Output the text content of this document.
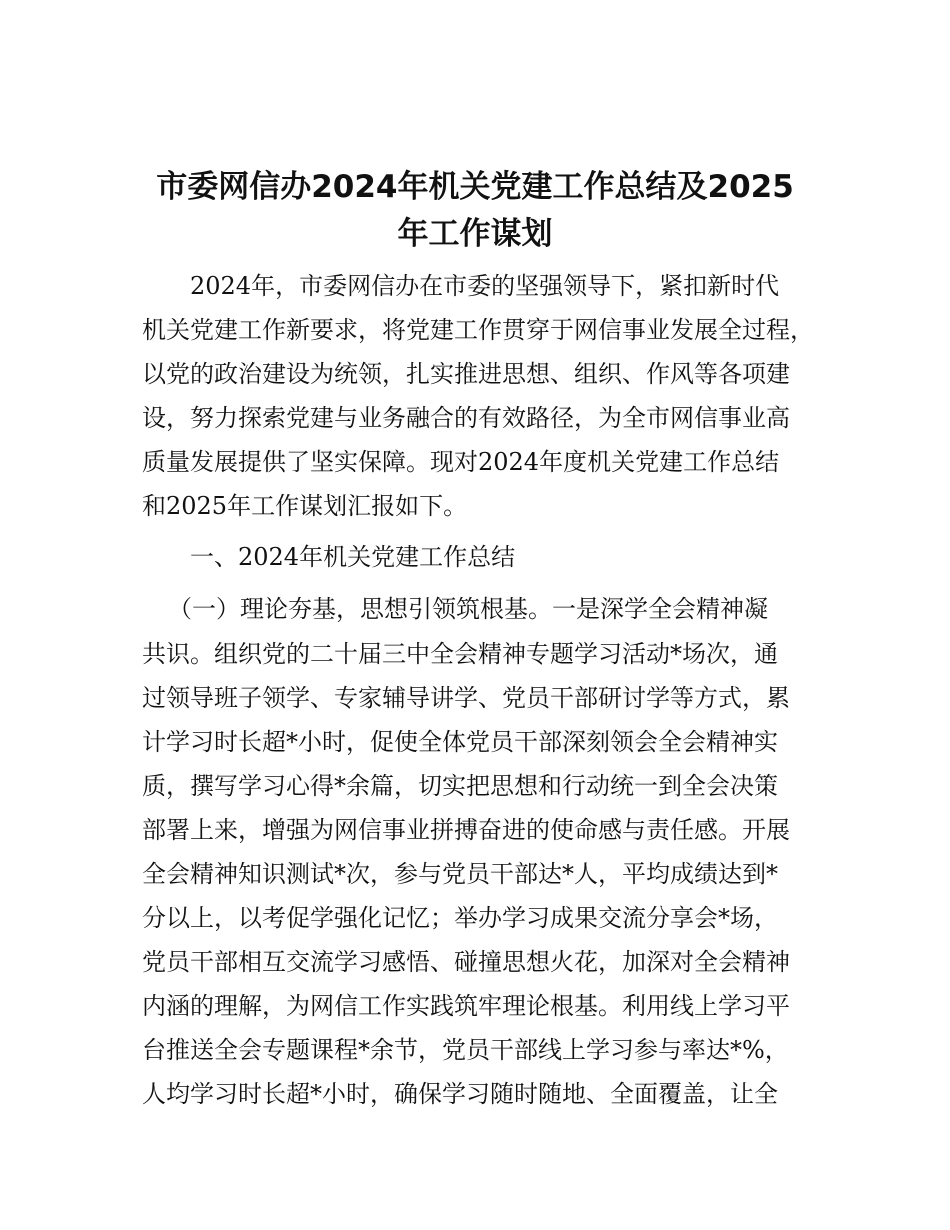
市委网信办2024年机关党建工作总结及2025
年工作谋划

2024年，市委网信办在市委的坚强领导下，紧扣新时代

机关党建工作新要求，将党建工作贯穿于网信事业发展全过程，

以党的政治建设为统领，扎实推进思想、组织、作风等各项建

设，努力探索党建与业务融合的有效路径，为全市网信事业高

质量发展提供了坚实保障。现对2024年度机关党建工作总结

和2025年工作谋划汇报如下。

一、2024年机关党建工作总结

（一）理论夯基，思想引领筑根基。一是深学全会精神凝

共识。组织党的二十届三中全会精神专题学习活动*场次，通

过领导班子领学、专家辅导讲学、党员干部研讨学等方式，累

计学习时长超*小时，促使全体党员干部深刻领会全会精神实

质，撰写学习心得*余篇，切实把思想和行动统一到全会决策

部署上来，增强为网信事业拼搏奋进的使命感与责任感。开展

全会精神知识测试*次，参与党员干部达*人，平均成绩达到*

分以上，以考促学强化记忆；举办学习成果交流分享会*场，

党员干部相互交流学习感悟、碰撞思想火花，加深对全会精神

内涵的理解，为网信工作实践筑牢理论根基。利用线上学习平

台推送全会专题课程*余节，党员干部线上学习参与率达*%，

人均学习时长超*小时，确保学习随时随地、全面覆盖，让全
